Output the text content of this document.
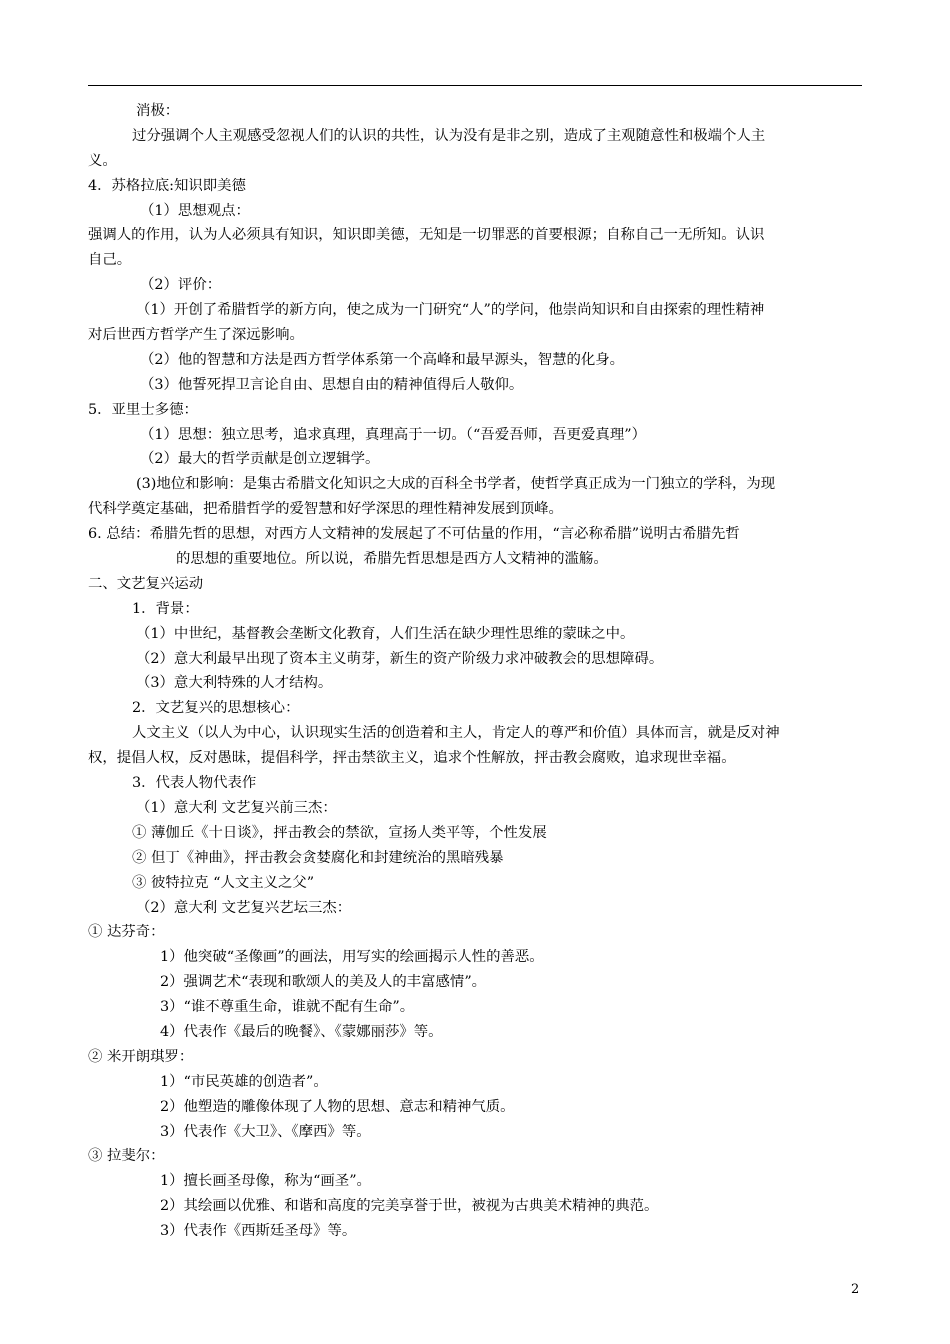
消极：
过分强调个人主观感受忽视人们的认识的共性，认为没有是非之别，造成了主观随意性和极端个人主
义。
4．苏格拉底:知识即美德
（1）思想观点：
强调人的作用，认为人必须具有知识，知识即美德，无知是一切罪恶的首要根源；自称自己一无所知。认识
自己。
（2）评价：
（1）开创了希腊哲学的新方向，使之成为一门研究“人”的学问，他崇尚知识和自由探索的理性精神
对后世西方哲学产生了深远影响。
（2）他的智慧和方法是西方哲学体系第一个高峰和最早源头，智慧的化身。
（3）他誓死捍卫言论自由、思想自由的精神值得后人敬仰。
5．亚里士多德：
（1）思想：独立思考，追求真理，真理高于一切。（“吾爱吾师，吾更爱真理”）
（2）最大的哲学贡献是创立逻辑学。
(3)地位和影响：是集古希腊文化知识之大成的百科全书学者，使哲学真正成为一门独立的学科，为现
代科学奠定基础，把希腊哲学的爱智慧和好学深思的理性精神发展到顶峰。
6. 总结：希腊先哲的思想，对西方人文精神的发展起了不可估量的作用，“言必称希腊”说明古希腊先哲
的思想的重要地位。所以说，希腊先哲思想是西方人文精神的滥觞。
二、文艺复兴运动
1．背景：
（1）中世纪，基督教会垄断文化教育，人们生活在缺少理性思维的蒙昧之中。
（2）意大利最早出现了资本主义萌芽，新生的资产阶级力求冲破教会的思想障碍。
（3）意大利特殊的人才结构。
2．文艺复兴的思想核心：
人文主义（以人为中心，认识现实生活的创造着和主人，肯定人的尊严和价值）具体而言，就是反对神
权，提倡人权，反对愚昧，提倡科学，抨击禁欲主义，追求个性解放，抨击教会腐败，追求现世幸福。
3．代表人物代表作
（1）意大利 文艺复兴前三杰：
① 薄伽丘《十日谈》，抨击教会的禁欲，宣扬人类平等，个性发展
② 但丁《神曲》，抨击教会贪婪腐化和封建统治的黑暗残暴
③ 彼特拉克 “人文主义之父”
（2）意大利 文艺复兴艺坛三杰：
① 达芬奇：
1）他突破“圣像画”的画法，用写实的绘画揭示人性的善恶。
2）强调艺术“表现和歌颂人的美及人的丰富感情”。
3）“谁不尊重生命，谁就不配有生命”。
4）代表作《最后的晚餐》、《蒙娜丽莎》等。
② 米开朗琪罗：
1）“市民英雄的创造者”。
2）他塑造的雕像体现了人物的思想、意志和精神气质。
3）代表作《大卫》、《摩西》等。
③ 拉斐尔：
1）擅长画圣母像，称为“画圣”。
2）其绘画以优雅、和谐和高度的完美享誉于世，被视为古典美术精神的典范。
3）代表作《西斯廷圣母》等。
2
